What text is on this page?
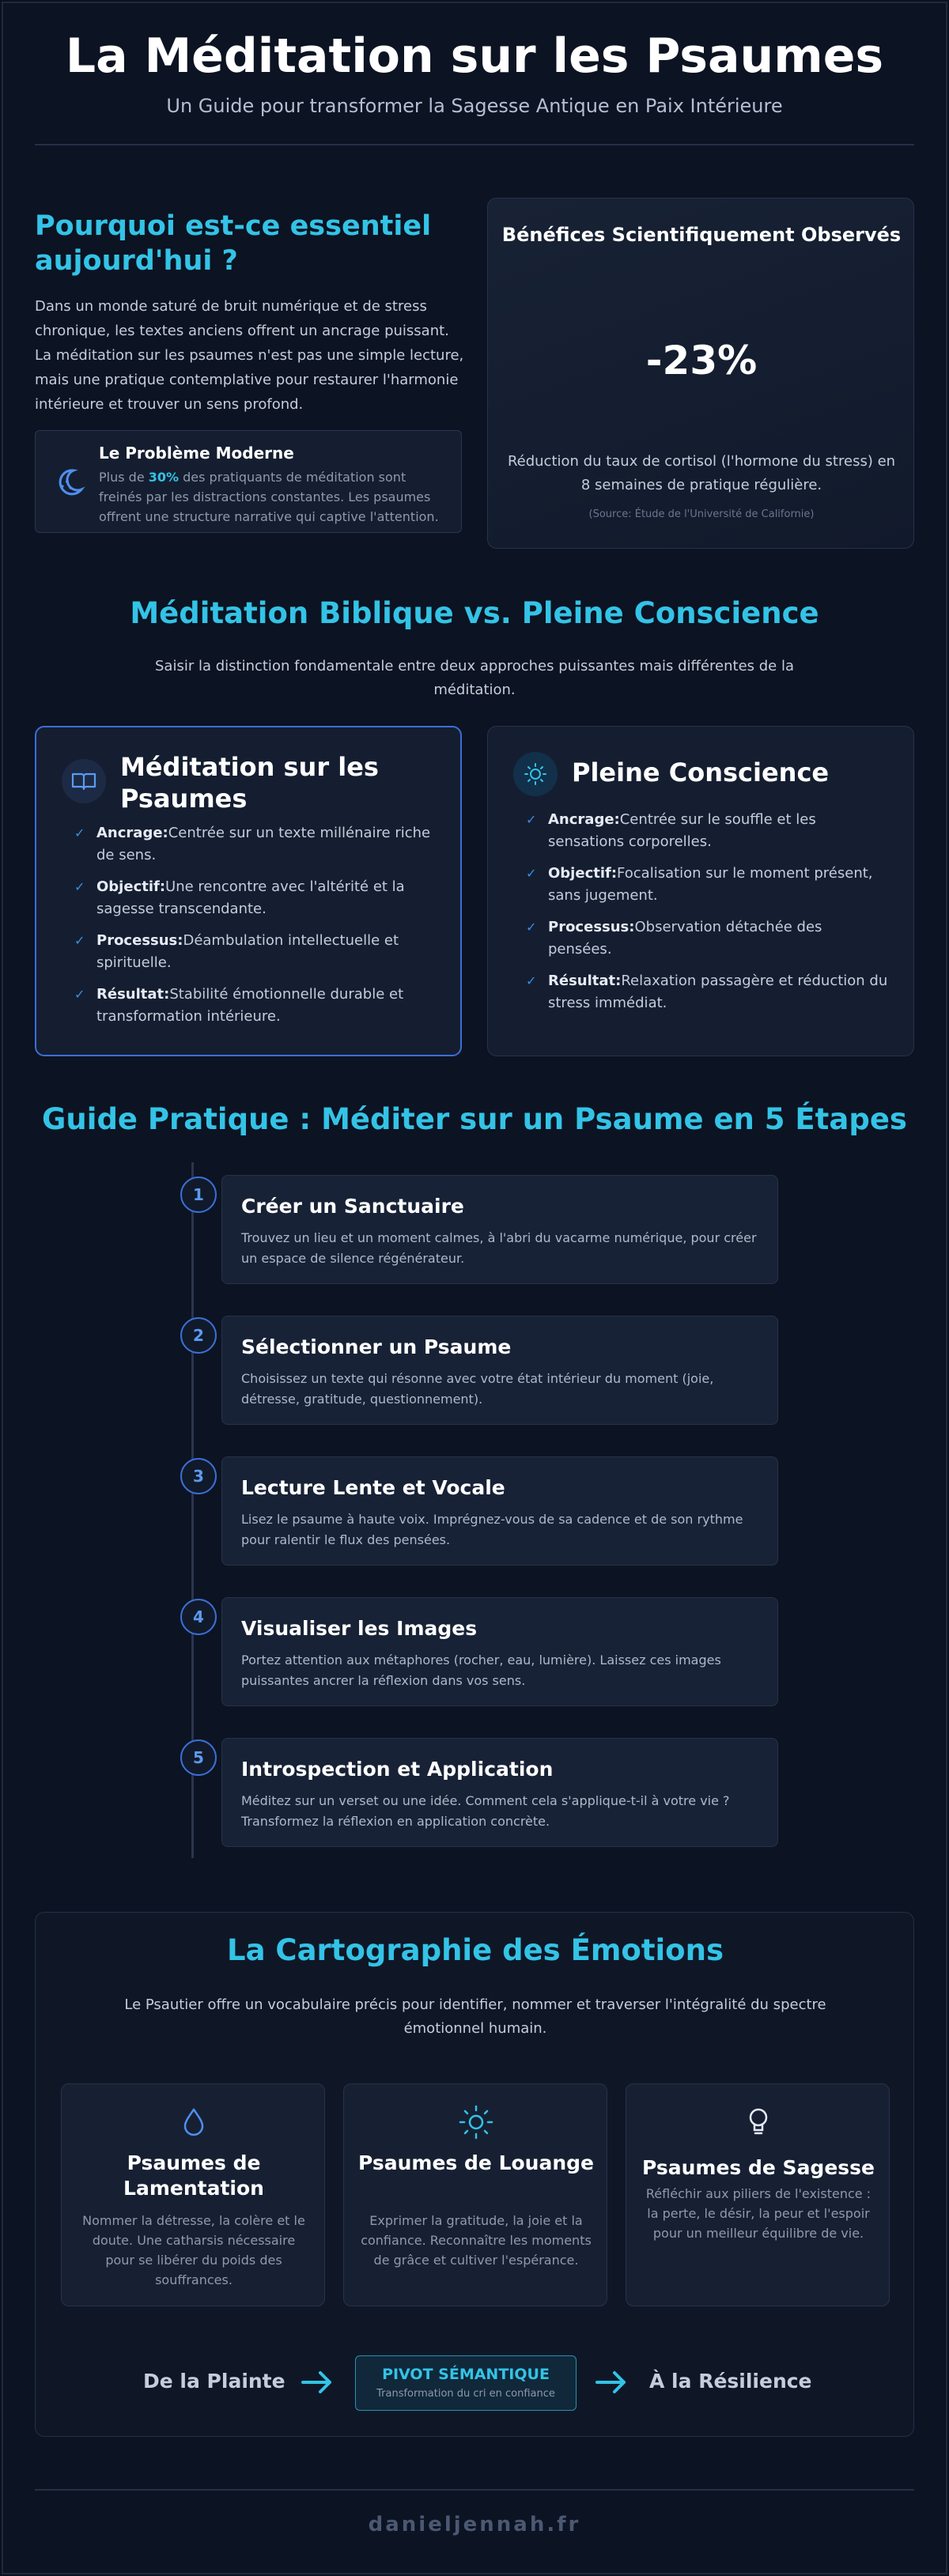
La Méditation sur les Psaumes

Un Guide pour transformer la Sagesse Antique en Paix Intérieure

Pourquoi est-ce essentiel aujourd'hui ?

Dans un monde saturé de bruit numérique et de stress chronique, les textes anciens offrent un ancrage puissant. La méditation sur les psaumes n'est pas une simple lecture, mais une pratique contemplative pour restaurer l'harmonie intérieure et trouver un sens profond.

Le Problème Moderne
Plus de 30% des pratiquants de méditation sont freinés par les distractions constantes. Les psaumes offrent une structure narrative qui captive l'attention.
Bénéfices Scientifiquement Observés
-23%
Réduction du taux de cortisol (l'hormone du stress) en 8 semaines de pratique régulière.
(Source: Étude de l'Université de Californie)
Méditation Biblique vs. Pleine Conscience

Saisir la distinction fondamentale entre deux approches puissantes mais différentes de la méditation.

Méditation sur les Psaumes
✓ Ancrage:Centrée sur un texte millénaire riche de sens.
✓ Objectif:Une rencontre avec l'altérité et la sagesse transcendante.
✓ Processus:Déambulation intellectuelle et spirituelle.
✓ Résultat:Stabilité émotionnelle durable et transformation intérieure.
Pleine Conscience
✓ Ancrage:Centrée sur le souffle et les sensations corporelles.
✓ Objectif:Focalisation sur le moment présent, sans jugement.
✓ Processus:Observation détachée des pensées.
✓ Résultat:Relaxation passagère et réduction du stress immédiat.
Guide Pratique : Méditer sur un Psaume en 5 Étapes
1	Créer un Sanctuaire
Trouvez un lieu et un moment calmes, à l'abri du vacarme numérique, pour créer un espace de silence régénérateur.
2	Sélectionner un Psaume
Choisissez un texte qui résonne avec votre état intérieur du moment (joie, détresse, gratitude, questionnement).
3	Lecture Lente et Vocale
Lisez le psaume à haute voix. Imprégnez-vous de sa cadence et de son rythme pour ralentir le flux des pensées.
4	Visualiser les Images
Portez attention aux métaphores (rocher, eau, lumière). Laissez ces images puissantes ancrer la réflexion dans vos sens.
5	Introspection et Application
Méditez sur un verset ou une idée. Comment cela s'applique-t-il à votre vie ? Transformez la réflexion en application concrète.
La Cartographie des Émotions

Le Psautier offre un vocabulaire précis pour identifier, nommer et traverser l'intégralité du spectre émotionnel humain.

Psaumes de Lamentation
Nommer la détresse, la colère et le doute. Une catharsis nécessaire pour se libérer du poids des souffrances.
Psaumes de Louange
Exprimer la gratitude, la joie et la confiance. Reconnaître les moments de grâce et cultiver l'espérance.
Psaumes de Sagesse
Réfléchir aux piliers de l'existence : la perte, le désir, la peur et l'espoir pour un meilleur équilibre de vie.
De la Plainte	PIVOT SÉMANTIQUE
Transformation du cri en confiance
À la Résilience
danieljennah.fr
